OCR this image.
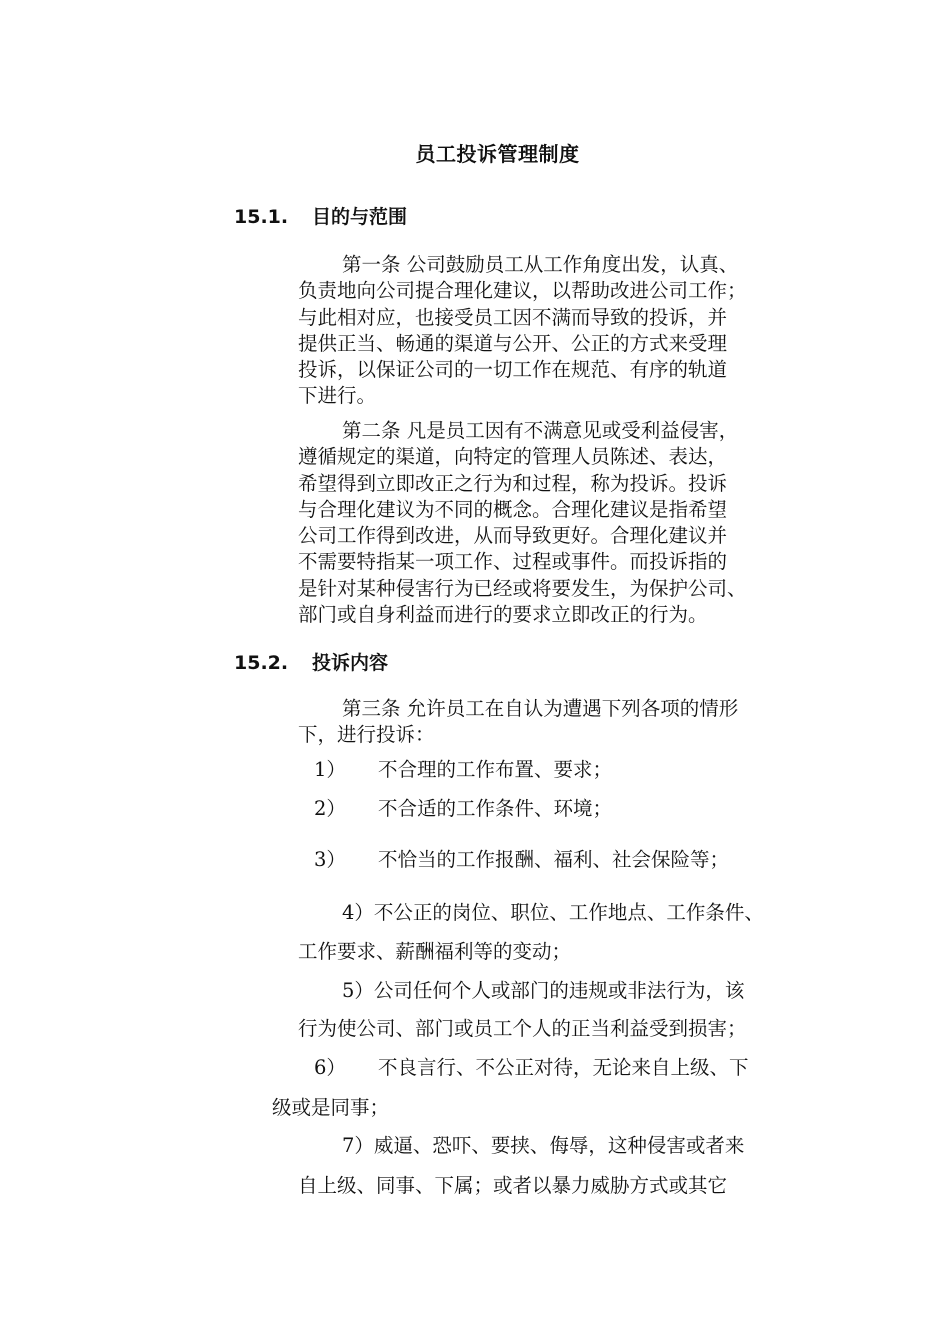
员工投诉管理制度
15.1. 目的与范围

第一条 公司鼓励员工从工作角度出发，认真、
负责地向公司提合理化建议，以帮助改进公司工作；
与此相对应，也接受员工因不满而导致的投诉，并
提供正当、畅通的渠道与公开、公正的方式来受理
投诉，以保证公司的一切工作在规范、有序的轨道
下进行。

第二条 凡是员工因有不满意见或受利益侵害，
遵循规定的渠道，向特定的管理人员陈述、表达，
希望得到立即改正之行为和过程，称为投诉。投诉
与合理化建议为不同的概念。合理化建议是指希望
公司工作得到改进，从而导致更好。合理化建议并
不需要特指某一项工作、过程或事件。而投诉指的
是针对某种侵害行为已经或将要发生，为保护公司、
部门或自身利益而进行的要求立即改正的行为。

15.2. 投诉内容

第三条 允许员工在自认为遭遇下列各项的情形
下，进行投诉：

1） 不合理的工作布置、要求；
2） 不合适的工作条件、环境；
3） 不恰当的工作报酬、福利、社会保险等；
4）不公正的岗位、职位、工作地点、工作条件、
工作要求、薪酬福利等的变动；
5）公司任何个人或部门的违规或非法行为，该
行为使公司、部门或员工个人的正当利益受到损害；
6） 不良言行、不公正对待，无论来自上级、下
级或是同事；
7）威逼、恐吓、要挟、侮辱，这种侵害或者来
自上级、同事、下属；或者以暴力威胁方式或其它
